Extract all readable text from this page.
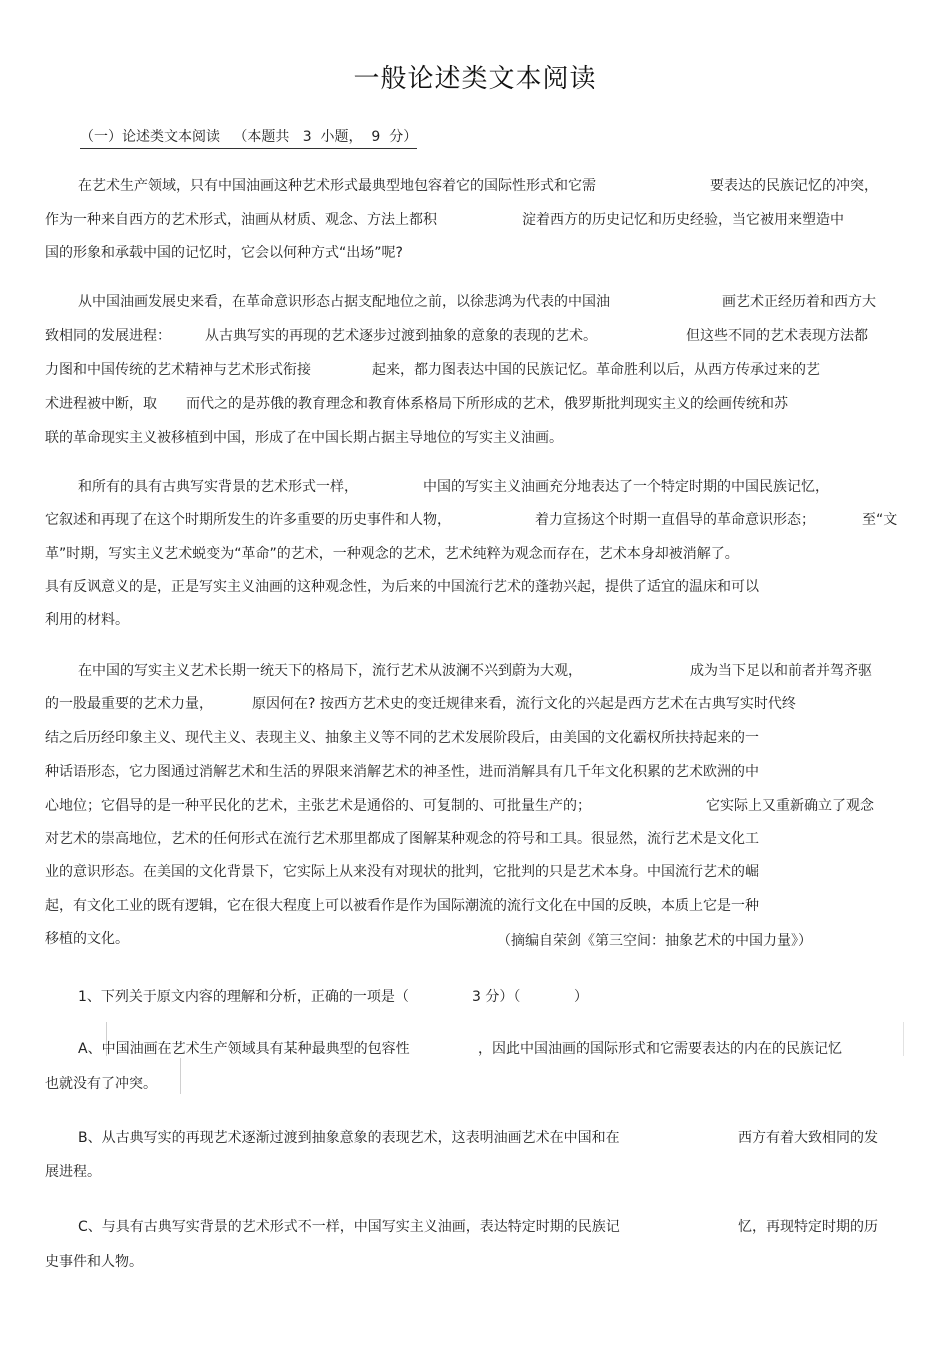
一般论述类文本阅读
（一）论述类文本阅读   （本题共   3  小题，  9  分）
在艺术生产领域，只有中国油画这种艺术形式最典型地包容着它的国际性形式和它需	要表达的民族记忆的冲突，
作为一种来自西方的艺术形式，油画从材质、观念、方法上都积	淀着西方的历史记忆和历史经验，当它被用来塑造中
国的形象和承载中国的记忆时，它会以何种方式“出场”呢?
从中国油画发展史来看，在革命意识形态占据支配地位之前，以徐悲鸿为代表的中国油	画艺术正经历着和西方大
致相同的发展进程： 从古典写实的再现的艺术逐步过渡到抽象的意象的表现的艺术。	但这些不同的艺术表现方法都
力图和中国传统的艺术精神与艺术形式衔接	起来，都力图表达中国的民族记忆。革命胜利以后，从西方传承过来的艺
术进程被中断，取 而代之的是苏俄的教育理念和教育体系格局下所形成的艺术，俄罗斯批判现实主义的绘画传统和苏
联的革命现实主义被移植到中国，形成了在中国长期占据主导地位的写实主义油画。
和所有的具有古典写实背景的艺术形式一样，	中国的写实主义油画充分地表达了一个特定时期的中国民族记忆，
它叙述和再现了在这个时期所发生的许多重要的历史事件和人物，	着力宣扬这个时期一直倡导的革命意识形态；	至“文
革”时期，写实主义艺术蜕变为“革命”的艺术，一种观念的艺术，艺术纯粹为观念而存在，艺术本身却被消解了。
具有反讽意义的是，正是写实主义油画的这种观念性，为后来的中国流行艺术的蓬勃兴起，提供了适宜的温床和可以
利用的材料。
在中国的写实主义艺术长期一统天下的格局下，流行艺术从波澜不兴到蔚为大观，	成为当下足以和前者并驾齐驱
的一股最重要的艺术力量，	原因何在? 按西方艺术史的变迁规律来看，流行文化的兴起是西方艺术在古典写实时代终
结之后历经印象主义、现代主义、表现主义、抽象主义等不同的艺术发展阶段后，由美国的文化霸权所扶持起来的一
种话语形态，它力图通过消解艺术和生活的界限来消解艺术的神圣性，进而消解具有几千年文化积累的艺术欧洲的中
心地位；它倡导的是一种平民化的艺术，主张艺术是通俗的、可复制的、可批量生产的；	它实际上又重新确立了观念
对艺术的崇高地位，艺术的任何形式在流行艺术那里都成了图解某种观念的符号和工具。很显然，流行艺术是文化工
业的意识形态。在美国的文化背景下，它实际上从来没有对现状的批判，它批判的只是艺术本身。中国流行艺术的崛
起，有文化工业的既有逻辑，它在很大程度上可以被看作是作为国际潮流的流行文化在中国的反映，本质上它是一种
移植的文化。	（摘编自荣剑《第三空间：抽象艺术的中国力量》）
1、下列关于原文内容的理解和分析，正确的一项是（	3 分）（	）
A、中国油画在艺术生产领域具有某种最典型的包容性	，因此中国油画的国际形式和它需要表达的内在的民族记忆
也就没有了冲突。
B、从古典写实的再现艺术逐渐过渡到抽象意象的表现艺术，这表明油画艺术在中国和在	西方有着大致相同的发
展进程。
C、与具有古典写实背景的艺术形式不一样，中国写实主义油画，表达特定时期的民族记	忆，再现特定时期的历
史事件和人物。
